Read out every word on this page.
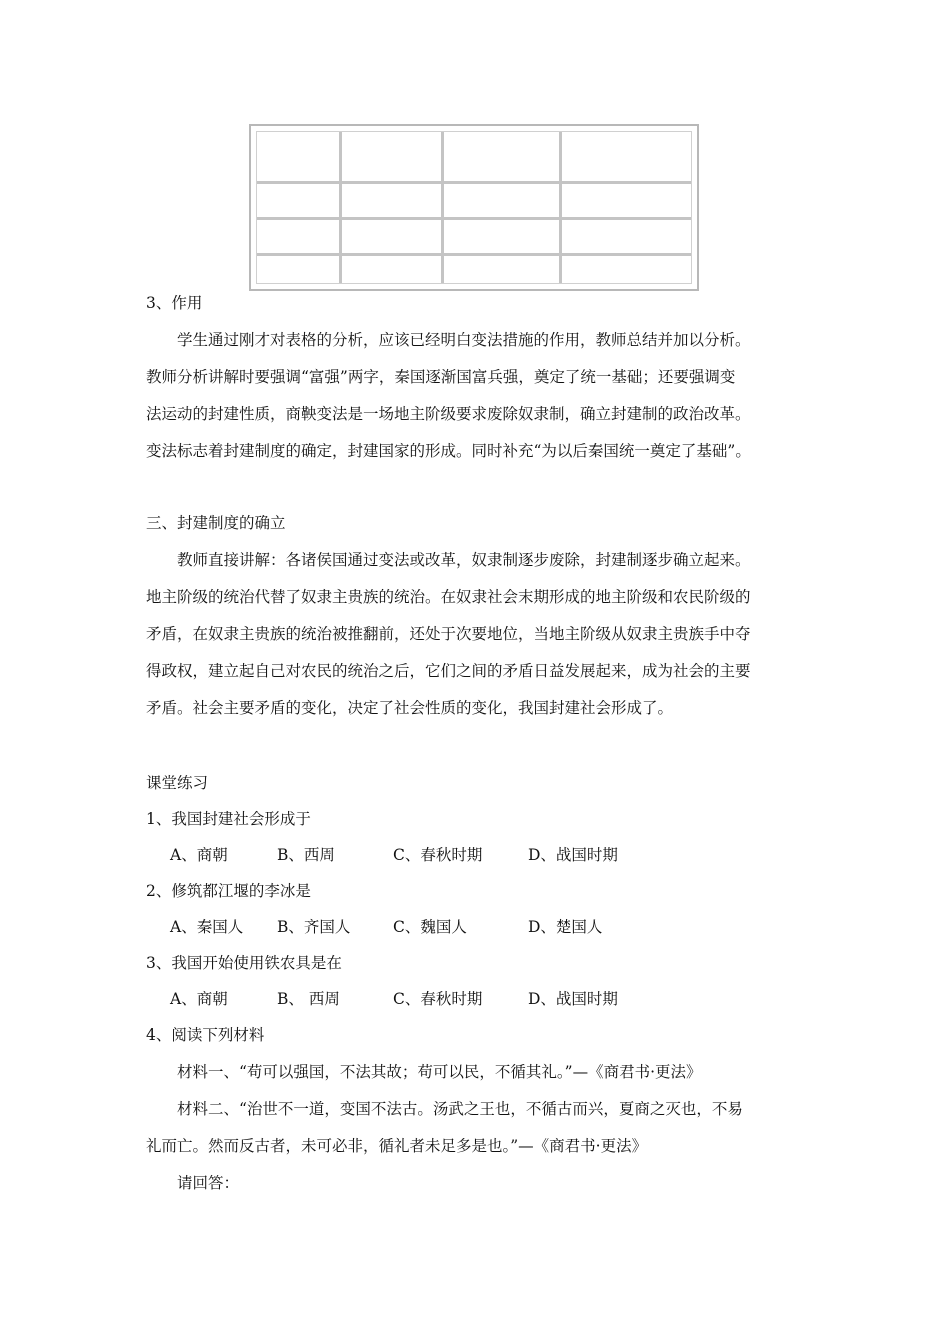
3、作用
学生通过刚才对表格的分析，应该已经明白变法措施的作用，教师总结并加以分析。
教师分析讲解时要强调“富强”两字，秦国逐渐国富兵强，奠定了统一基础；还要强调变
法运动的封建性质，商鞅变法是一场地主阶级要求废除奴隶制，确立封建制的政治改革。
变法标志着封建制度的确定，封建国家的形成。同时补充“为以后秦国统一奠定了基础”。
三、封建制度的确立
教师直接讲解：各诸侯国通过变法或改革，奴隶制逐步废除，封建制逐步确立起来。
地主阶级的统治代替了奴隶主贵族的统治。在奴隶社会末期形成的地主阶级和农民阶级的
矛盾，在奴隶主贵族的统治被推翻前，还处于次要地位，当地主阶级从奴隶主贵族手中夺
得政权，建立起自己对农民的统治之后，它们之间的矛盾日益发展起来，成为社会的主要
矛盾。社会主要矛盾的变化，决定了社会性质的变化，我国封建社会形成了。
课堂练习
1、我国封建社会形成于
A、商朝	B、西周	C、春秋时期	D、战国时期
2、修筑都江堰的李冰是
A、秦国人 B、齐国人	C、魏国人	D、楚国人
3、我国开始使用铁农具是在
A、商朝	B、 西周	C、春秋时期	D、战国时期
4、阅读下列材料
材料一、“苟可以强国，不法其故；苟可以民，不循其礼。”—《商君书·更法》
材料二、“治世不一道，变国不法古。汤武之王也，不循古而兴，夏商之灭也，不易
礼而亡。然而反古者，未可必非，循礼者未足多是也。”—《商君书·更法》
请回答：
